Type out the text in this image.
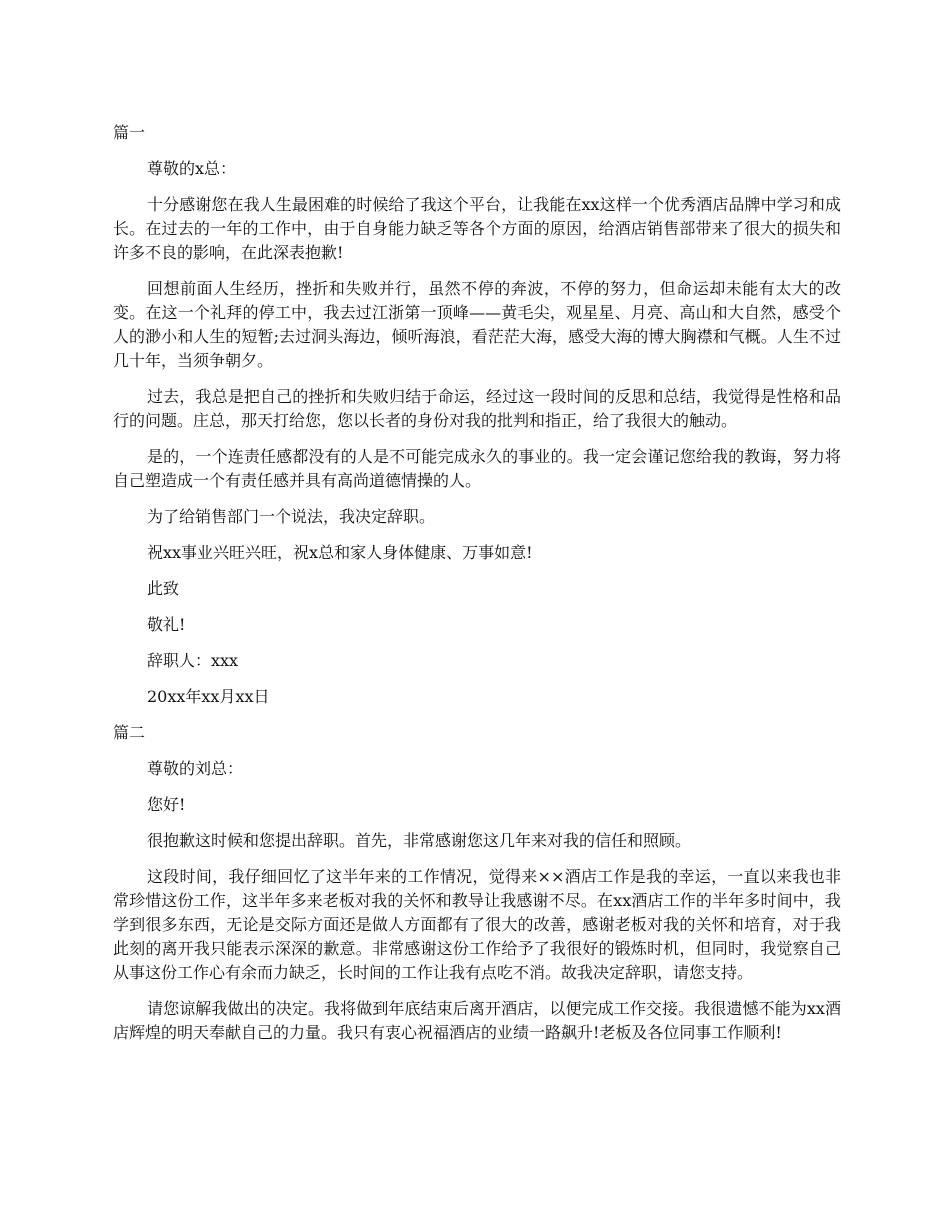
篇一

尊敬的x总：

十分感谢您在我人生最困难的时候给了我这个平台，让我能在xx这样一个优秀酒店品牌中学习和成长。在过去的一年的工作中，由于自身能力缺乏等各个方面的原因，给酒店销售部带来了很大的损失和许多不良的影响，在此深表抱歉!

回想前面人生经历，挫折和失败并行，虽然不停的奔波，不停的努力，但命运却未能有太大的改变。在这一个礼拜的停工中，我去过江浙第一顶峰——黄毛尖，观星星、月亮、高山和大自然，感受个人的渺小和人生的短暂;去过洞头海边，倾听海浪，看茫茫大海，感受大海的博大胸襟和气概。人生不过几十年，当须争朝夕。

过去，我总是把自己的挫折和失败归结于命运，经过这一段时间的反思和总结，我觉得是性格和品行的问题。庄总，那天打给您，您以长者的身份对我的批判和指正，给了我很大的触动。

是的，一个连责任感都没有的人是不可能完成永久的事业的。我一定会谨记您给我的教诲，努力将自己塑造成一个有责任感并具有高尚道德情操的人。

为了给销售部门一个说法，我决定辞职。

祝xx事业兴旺兴旺，祝x总和家人身体健康、万事如意!

此致

敬礼!

辞职人：xxx

20xx年xx月xx日

篇二

尊敬的刘总：

您好!

很抱歉这时候和您提出辞职。首先，非常感谢您这几年来对我的信任和照顾。

这段时间，我仔细回忆了这半年来的工作情况，觉得来××酒店工作是我的幸运，一直以来我也非常珍惜这份工作，这半年多来老板对我的关怀和教导让我感谢不尽。在xx酒店工作的半年多时间中，我学到很多东西，无论是交际方面还是做人方面都有了很大的改善，感谢老板对我的关怀和培育，对于我此刻的离开我只能表示深深的歉意。非常感谢这份工作给予了我很好的锻炼时机，但同时，我觉察自己从事这份工作心有余而力缺乏，长时间的工作让我有点吃不消。故我决定辞职，请您支持。

请您谅解我做出的决定。我将做到年底结束后离开酒店，以便完成工作交接。我很遗憾不能为xx酒店辉煌的明天奉献自己的力量。我只有衷心祝福酒店的业绩一路飙升!老板及各位同事工作顺利!
